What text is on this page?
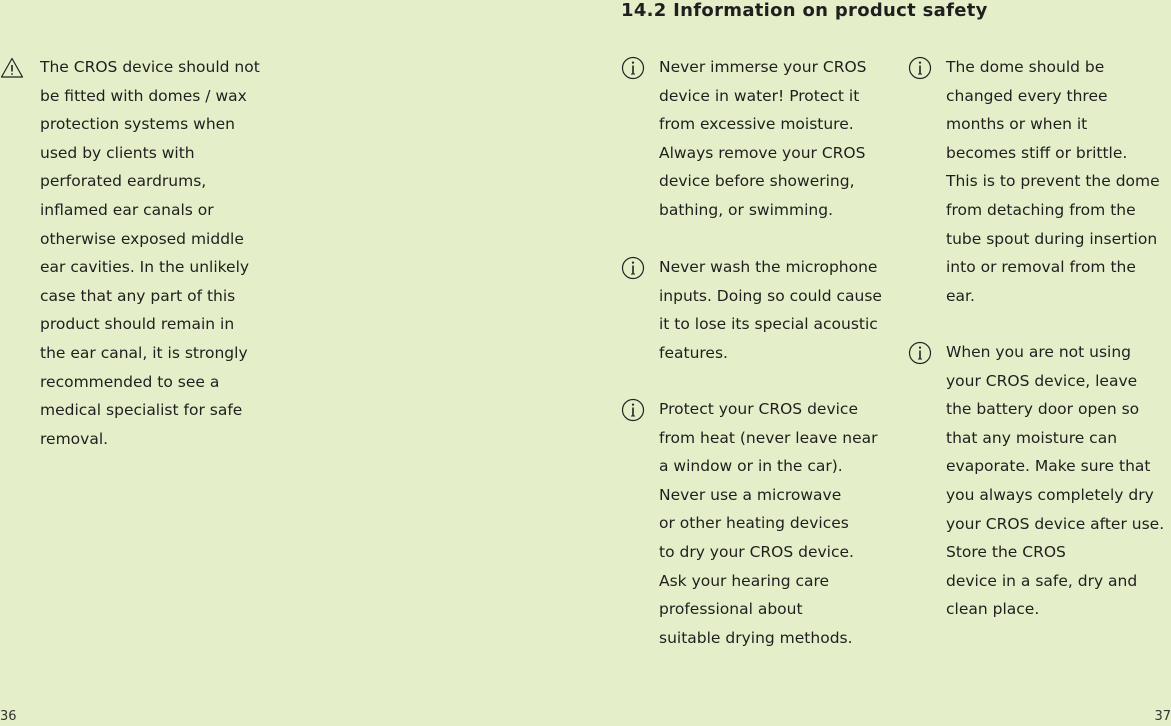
The CROS device should not
be fitted with domes / wax
protection systems when
used by clients with
perforated eardrums,
inflamed ear canals or
otherwise exposed middle
ear cavities. In the unlikely
case that any part of this
product should remain in
the ear canal, it is strongly
recommended to see a
medical specialist for safe
removal.
36
14.2 Information on product safety
Never immerse your CROS
device in water! Protect it
from excessive moisture.
Always remove your CROS
device before showering,
bathing, or swimming.
Never wash the microphone
inputs. Doing so could cause
it to lose its special acoustic
features.
Protect your CROS device
from heat (never leave near
a window or in the car).
Never use a microwave
or other heating devices
to dry your CROS device.
Ask your hearing care
professional about
suitable drying methods.
The dome should be
changed every three
months or when it
becomes stiff or brittle.
This is to prevent the dome
from detaching from the
tube spout during insertion
into or removal from the
ear.
When you are not using
your CROS device, leave
the battery door open so
that any moisture can
evaporate. Make sure that
you always completely dry
your CROS device after use.
Store the CROS
device in a safe, dry and
clean place.
37
